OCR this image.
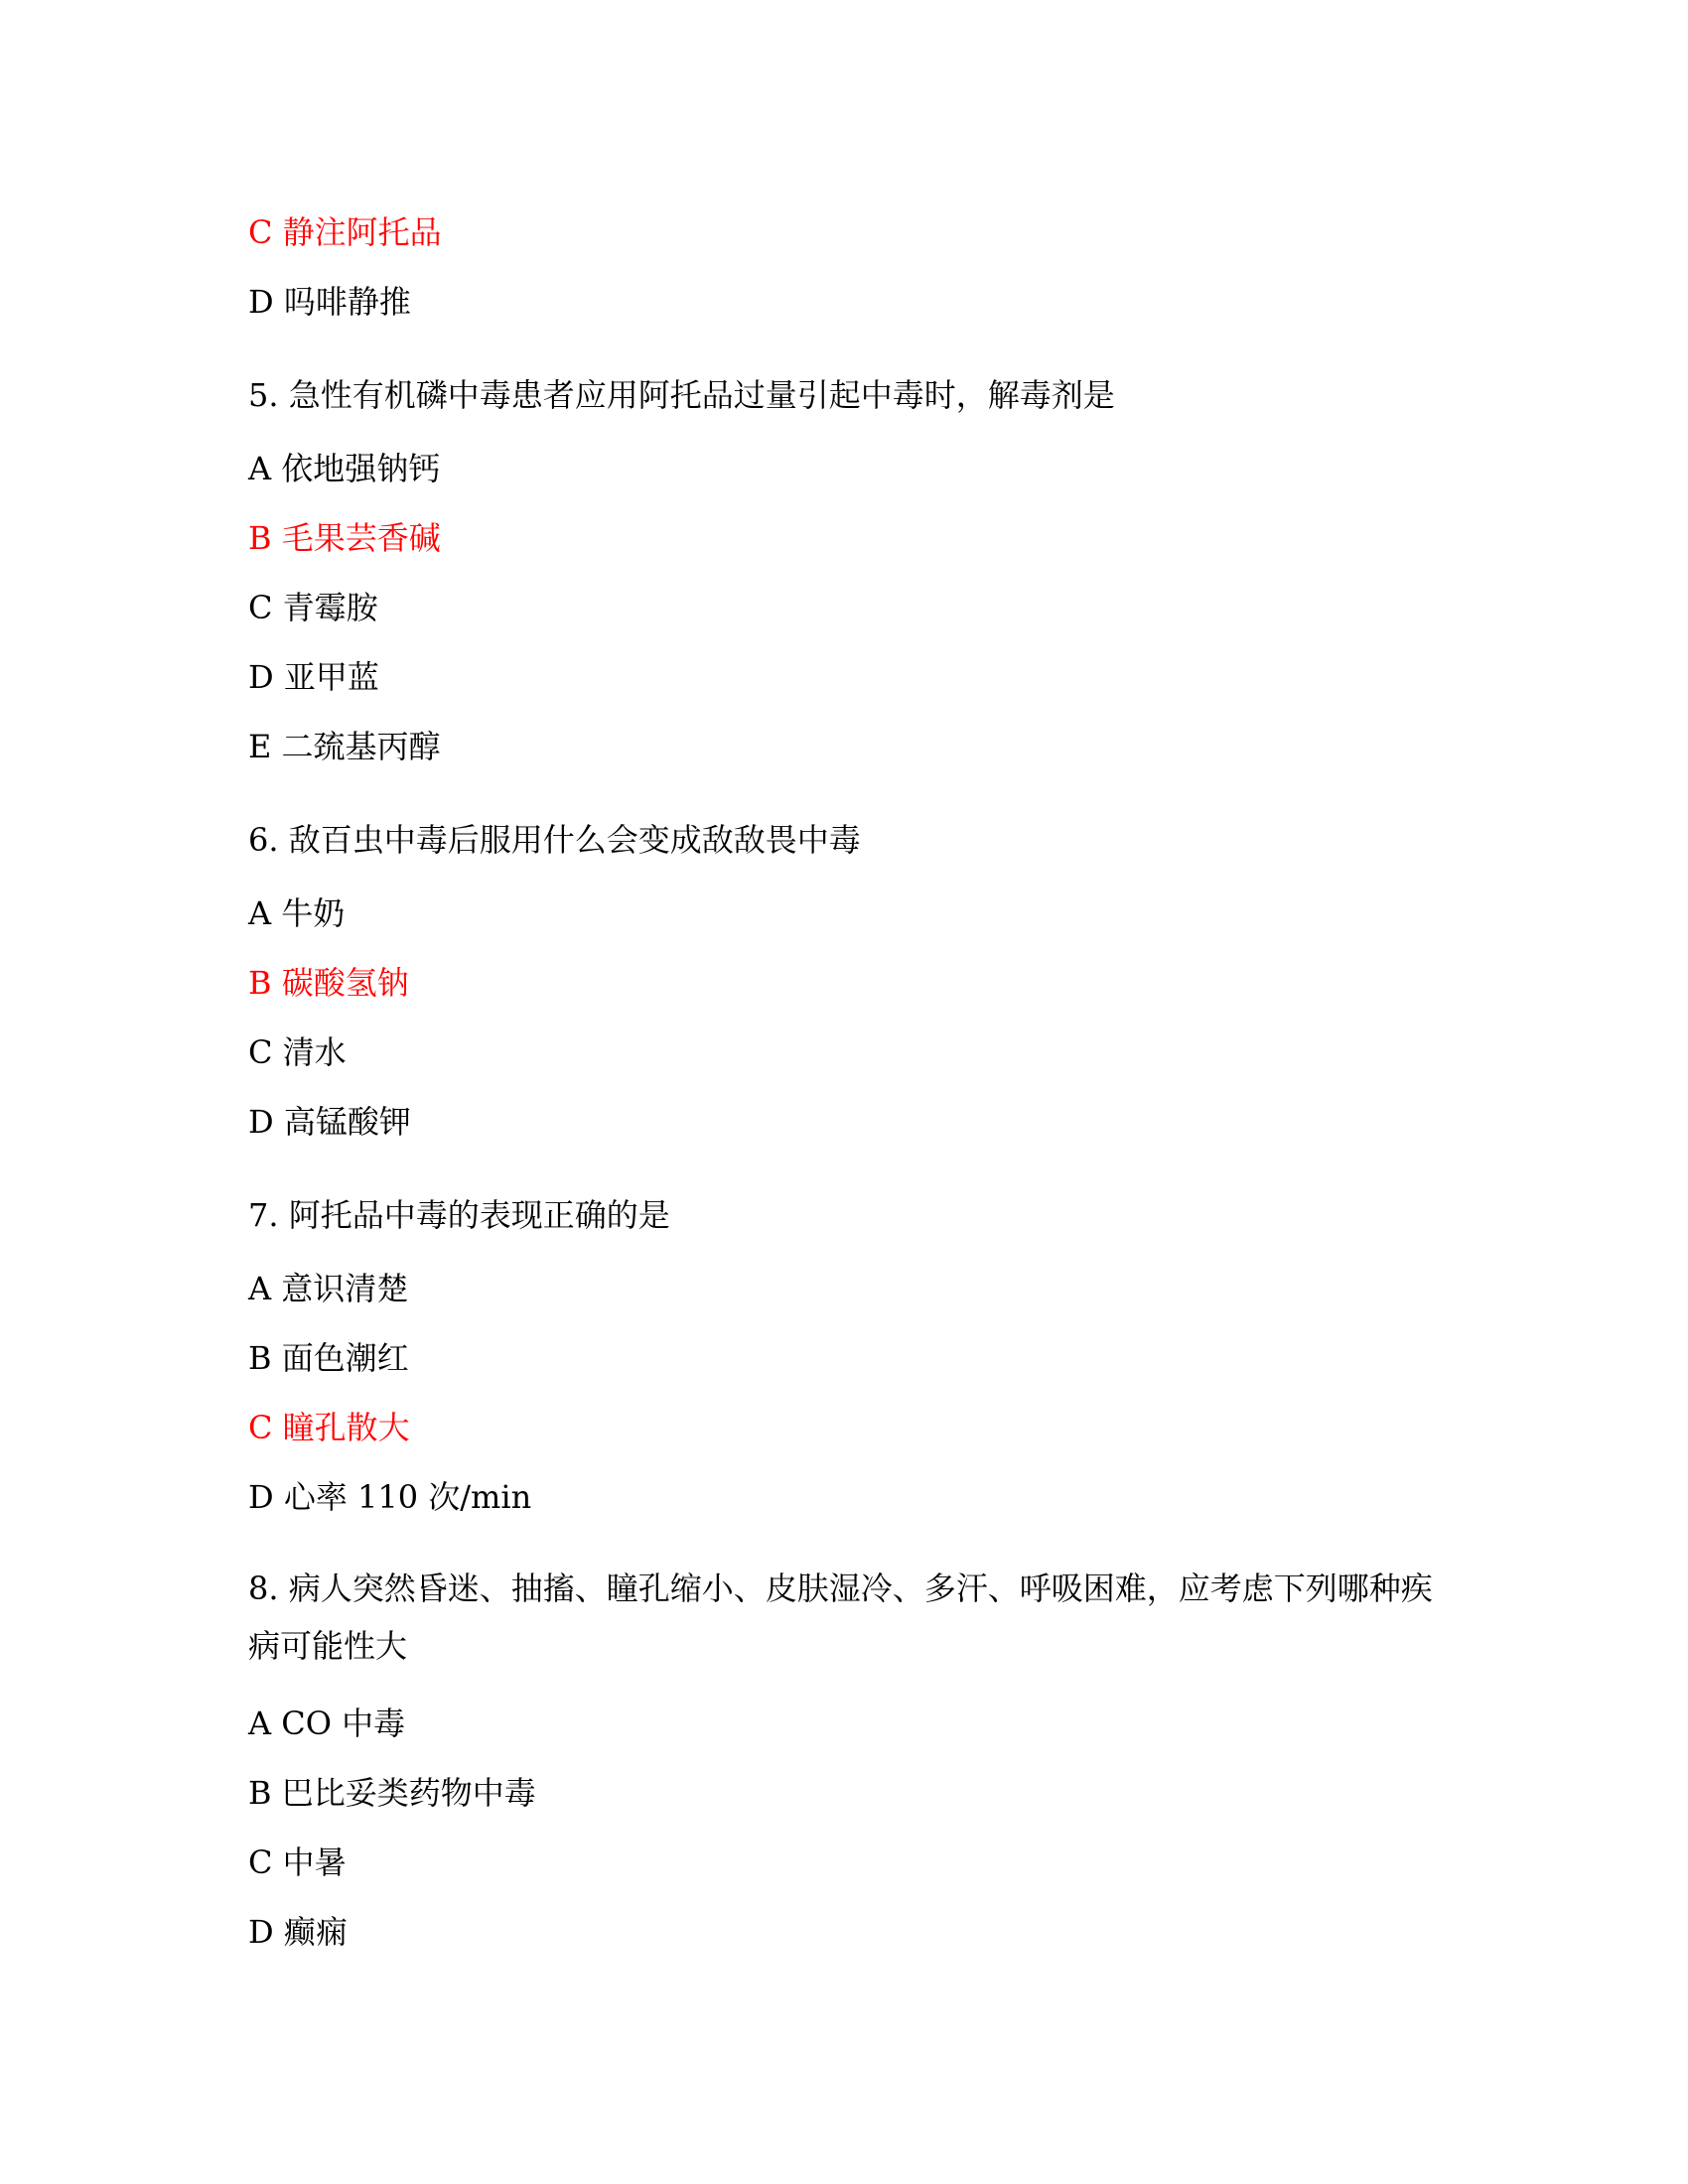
C 静注阿托品
D 吗啡静推
5. 急性有机磷中毒患者应用阿托品过量引起中毒时，解毒剂是
A 依地强钠钙
B 毛果芸香碱
C 青霉胺
D 亚甲蓝
E 二巯基丙醇
6. 敌百虫中毒后服用什么会变成敌敌畏中毒
A 牛奶
B 碳酸氢钠
C 清水
D 高锰酸钾
7. 阿托品中毒的表现正确的是
A 意识清楚
B 面色潮红
C 瞳孔散大
D 心率 110 次/min
8. 病人突然昏迷、抽搐、瞳孔缩小、皮肤湿冷、多汗、呼吸困难，应考虑下列哪种疾病可能性大
A CO 中毒
B 巴比妥类药物中毒
C 中暑
D 癫痫
